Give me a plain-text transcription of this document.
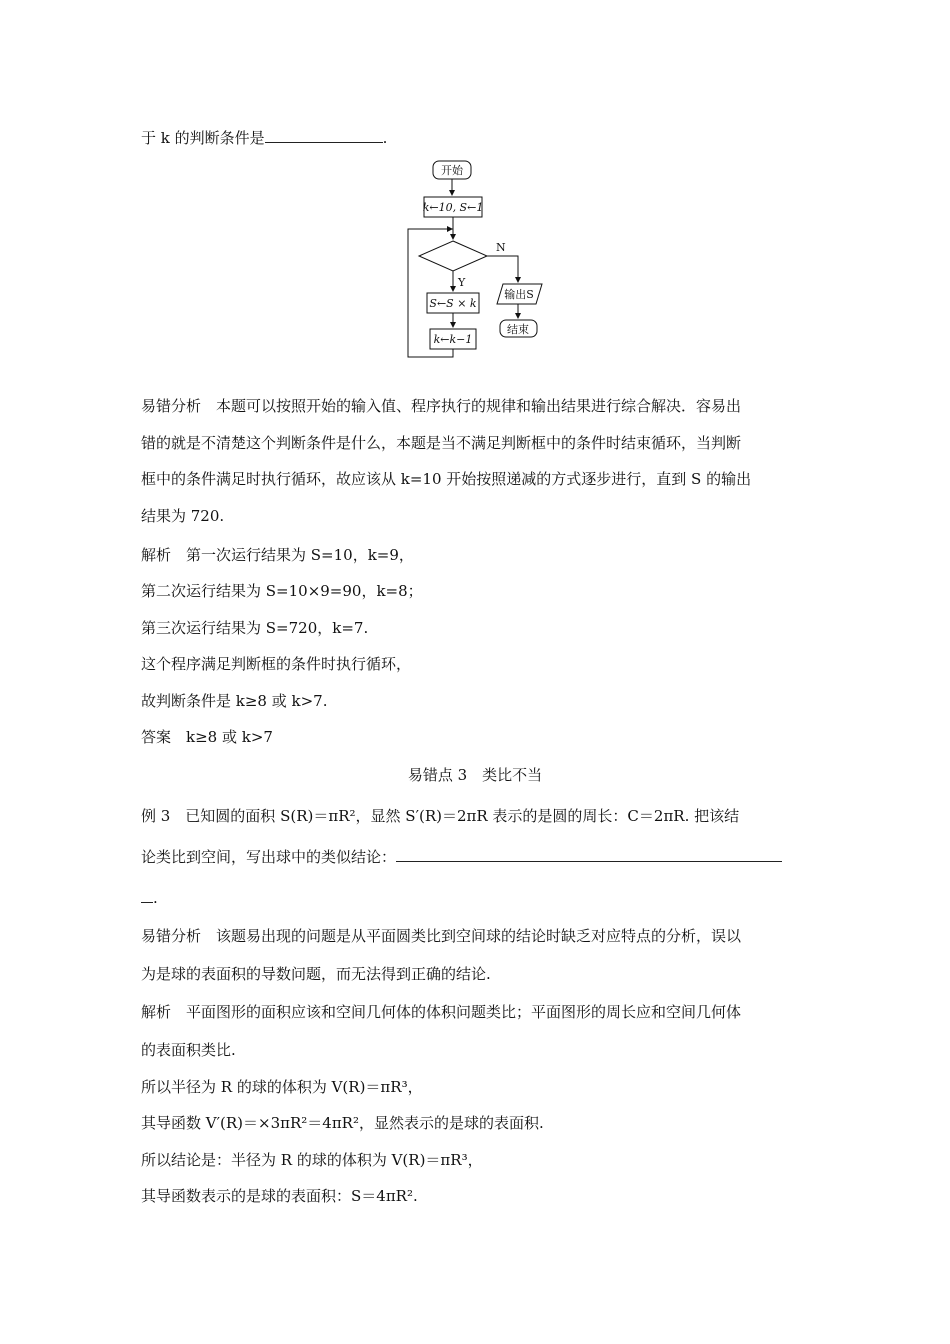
于 k 的判断条件是	.
开始
k←10, S←1
N
输出S
结束
Y
S←S × k
k←k−1
易错分析　本题可以按照开始的输入值、程序执行的规律和输出结果进行综合解决．容易出
错的就是不清楚这个判断条件是什么，本题是当不满足判断框中的条件时结束循环，当判断
框中的条件满足时执行循环，故应该从 k=10 开始按照递减的方式逐步进行，直到 S 的输出
结果为 720.
解析　第一次运行结果为 S=10，k=9，
第二次运行结果为 S=10×9=90，k=8；
第三次运行结果为 S=720，k=7.
这个程序满足判断框的条件时执行循环，
故判断条件是 k≥8 或 k>7.
答案　k≥8 或 k>7
易错点 3　类比不当
例 3　已知圆的面积 S(R)＝πR²，显然 S′(R)＝2πR 表示的是圆的周长：C＝2πR. 把该结
论类比到空间，写出球中的类似结论：
.
易错分析　该题易出现的问题是从平面圆类比到空间球的结论时缺乏对应特点的分析，误以
为是球的表面积的导数问题，而无法得到正确的结论.
解析　平面图形的面积应该和空间几何体的体积问题类比；平面图形的周长应和空间几何体
的表面积类比.
所以半径为 R 的球的体积为 V(R)＝πR³，
其导函数 V′(R)＝×3πR²＝4πR²，显然表示的是球的表面积.
所以结论是：半径为 R 的球的体积为 V(R)＝πR³，
其导函数表示的是球的表面积：S＝4πR².
